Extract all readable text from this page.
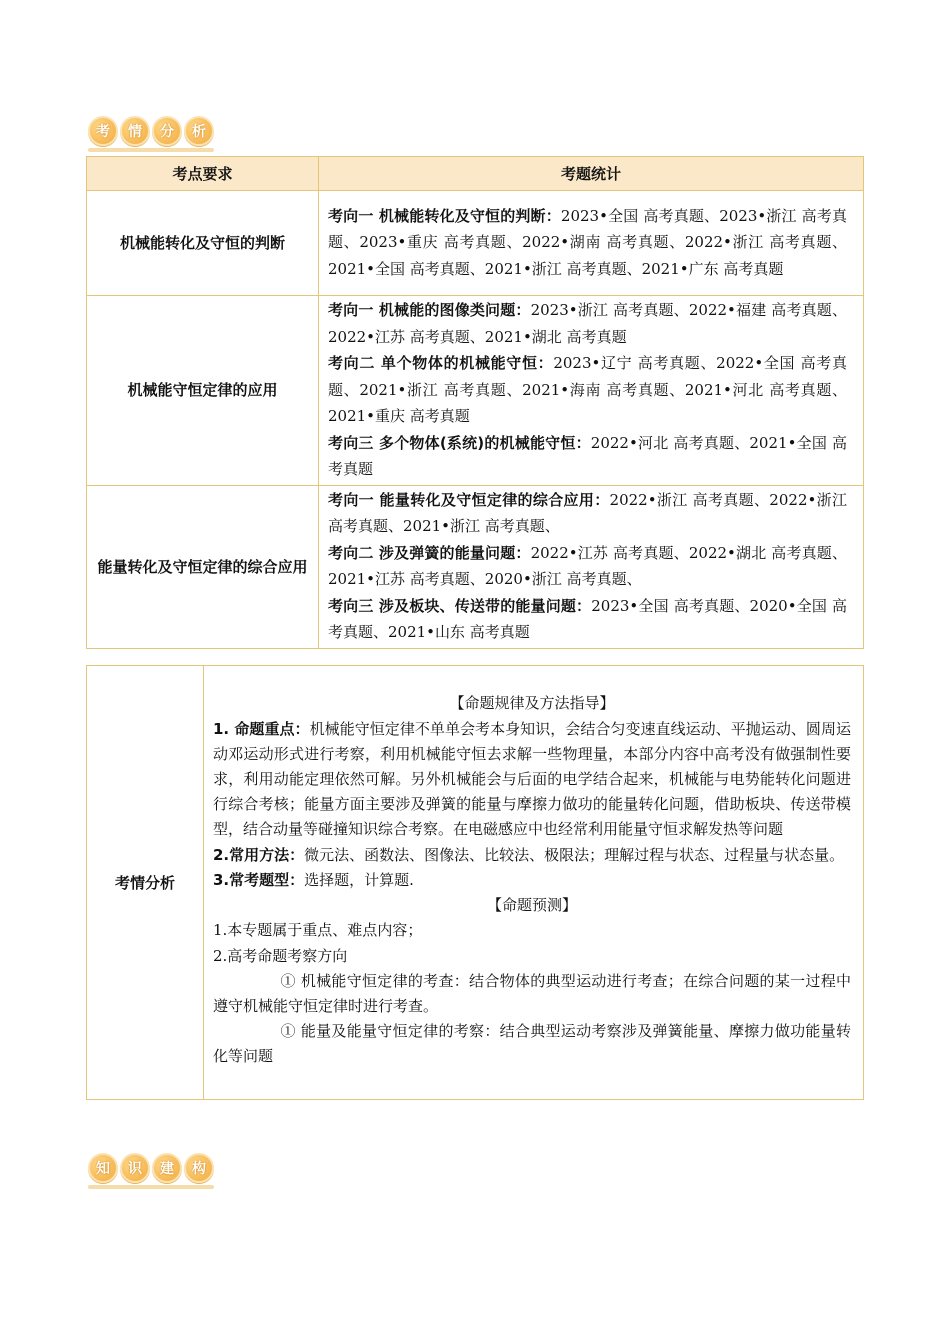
考	情	分	析
考点要求	考题统计
机械能转化及守恒的判断	考向一 机械能转化及守恒的判断：2023•全国 高考真题、2023•浙江 高考真题、2023•重庆 高考真题、2022•湖南 高考真题、2022•浙江 高考真题、2021•全国 高考真题、2021•浙江 高考真题、2021•广东 高考真题

机械能守恒定律的应用	考向一 机械能的图像类问题：2023•浙江 高考真题、2022•福建 高考真题、2022•江苏 高考真题、2021•湖北 高考真题
考向二 单个物体的机械能守恒：2023•辽宁 高考真题、2022•全国 高考真题、2021•浙江 高考真题、2021•海南 高考真题、2021•河北 高考真题、2021•重庆 高考真题
考向三 多个物体(系统)的机械能守恒：2022•河北 高考真题、2021•全国 高考真题

能量转化及守恒定律的综合应用	考向一 能量转化及守恒定律的综合应用：2022•浙江 高考真题、2022•浙江 高考真题、2021•浙江 高考真题、
考向二 涉及弹簧的能量问题：2022•江苏 高考真题、2022•湖北 高考真题、2021•江苏 高考真题、2020•浙江 高考真题、
考向三 涉及板块、传送带的能量问题：2023•全国 高考真题、2020•全国 高考真题、2021•山东 高考真题
考情分析	

【命题规律及方法指导】

1. 命题重点：机械能守恒定律不单单会考本身知识，会结合匀变速直线运动、平抛运动、圆周运动邓运动形式进行考察，利用机械能守恒去求解一些物理量，本部分内容中高考没有做强制性要求，利用动能定理依然可解。另外机械能会与后面的电学结合起来，机械能与电势能转化问题进行综合考核；能量方面主要涉及弹簧的能量与摩擦力做功的能量转化问题，借助板块、传送带模型，结合动量等碰撞知识综合考察。在电磁感应中也经常利用能量守恒求解发热等问题

2.常用方法：微元法、函数法、图像法、比较法、极限法；理解过程与状态、过程量与状态量。

3.常考题型：选择题，计算题.

【命题预测】

1.本专题属于重点、难点内容；

2.高考命题考察方向

① 机械能守恒定律的考查：结合物体的典型运动进行考查；在综合问题的某一过程中遵守机械能守恒定律时进行考查。

① 能量及能量守恒定律的考察：结合典型运动考察涉及弹簧能量、摩擦力做功能量转化等问题

知	识	建	构
